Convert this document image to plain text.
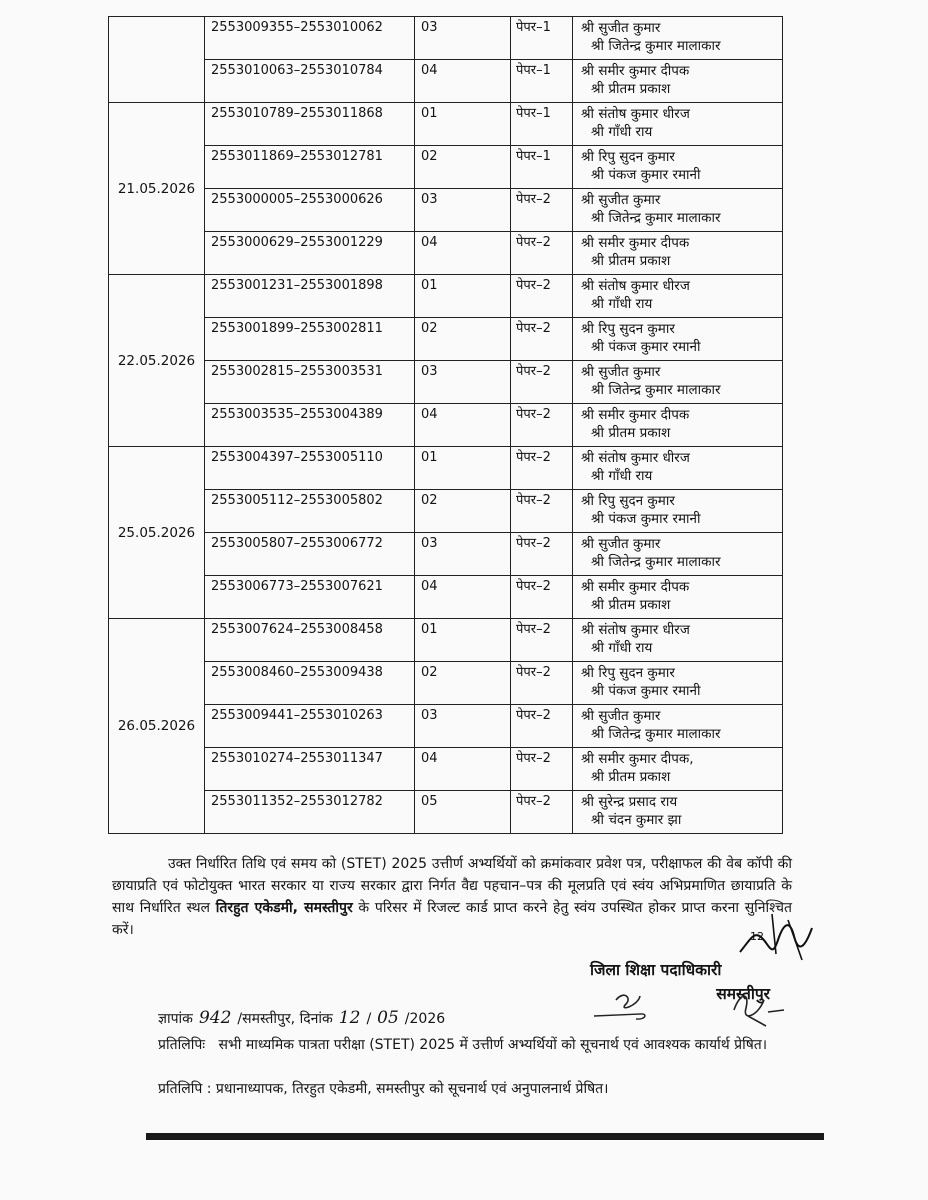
	2553009355–2553010062	03	पेपर–1	श्री सुजीत कुमार
श्री जितेन्द्र कुमार मालाकार

	2553010063–2553010784	04	पेपर–1	श्री समीर कुमार दीपक
श्री प्रीतम प्रकाश

21.05.2026	2553010789–2553011868	01	पेपर–1	श्री संतोष कुमार धीरज
श्री गाँधी राय

	2553011869–2553012781	02	पेपर–1	श्री रिपु सुदन कुमार
श्री पंकज कुमार रमानी

	2553000005–2553000626	03	पेपर–2	श्री सुजीत कुमार
श्री जितेन्द्र कुमार मालाकार

	2553000629–2553001229	04	पेपर–2	श्री समीर कुमार दीपक
श्री प्रीतम प्रकाश

22.05.2026	2553001231–2553001898	01	पेपर–2	श्री संतोष कुमार धीरज
श्री गाँधी राय

	2553001899–2553002811	02	पेपर–2	श्री रिपु सुदन कुमार
श्री पंकज कुमार रमानी

	2553002815–2553003531	03	पेपर–2	श्री सुजीत कुमार
श्री जितेन्द्र कुमार मालाकार

	2553003535–2553004389	04	पेपर–2	श्री समीर कुमार दीपक
श्री प्रीतम प्रकाश

25.05.2026	2553004397–2553005110	01	पेपर–2	श्री संतोष कुमार धीरज
श्री गाँधी राय

	2553005112–2553005802	02	पेपर–2	श्री रिपु सुदन कुमार
श्री पंकज कुमार रमानी

	2553005807–2553006772	03	पेपर–2	श्री सुजीत कुमार
श्री जितेन्द्र कुमार मालाकार

	2553006773–2553007621	04	पेपर–2	श्री समीर कुमार दीपक
श्री प्रीतम प्रकाश

26.05.2026	2553007624–2553008458	01	पेपर–2	श्री संतोष कुमार धीरज
श्री गाँधी राय

	2553008460–2553009438	02	पेपर–2	श्री रिपु सुदन कुमार
श्री पंकज कुमार रमानी

	2553009441–2553010263	03	पेपर–2	श्री सुजीत कुमार
श्री जितेन्द्र कुमार मालाकार

	2553010274–2553011347	04	पेपर–2	श्री समीर कुमार दीपक,
श्री प्रीतम प्रकाश

	2553011352–2553012782	05	पेपर–2	श्री सुरेन्द्र प्रसाद राय
श्री चंदन कुमार झा

उक्त निर्धारित तिथि एवं समय को (STET) 2025 उत्तीर्ण अभ्यर्थियों को क्रमांकवार प्रवेश पत्र, परीक्षाफल की वेब कॉपी की छायाप्रति एवं फोटोयुक्त भारत सरकार या राज्य सरकार द्वारा निर्गत वैद्य पहचान–पत्र की मूलप्रति एवं स्वंय अभिप्रमाणित छायाप्रति के साथ निर्धारित स्थल तिरहुत एकेडमी, समस्तीपुर के परिसर में रिजल्ट कार्ड प्राप्त करने हेतु स्वंय उपस्थित होकर प्राप्त करना सुनिश्चित करें।	12
जिला शिक्षा पदाधिकारी
समस्तीपुर
ज्ञापांक 942 /समस्तीपुर, दिनांक 12 / 05 /2026

प्रतिलिपिः सभी माध्यमिक पात्रता परीक्षा (STET) 2025 में उत्तीर्ण अभ्यर्थियों को सूचनार्थ एवं आवश्यक कार्यार्थ प्रेषित।

प्रतिलिपि : प्रधानाध्यापक, तिरहुत एकेडमी, समस्तीपुर को सूचनार्थ एवं अनुपालनार्थ प्रेषित।
